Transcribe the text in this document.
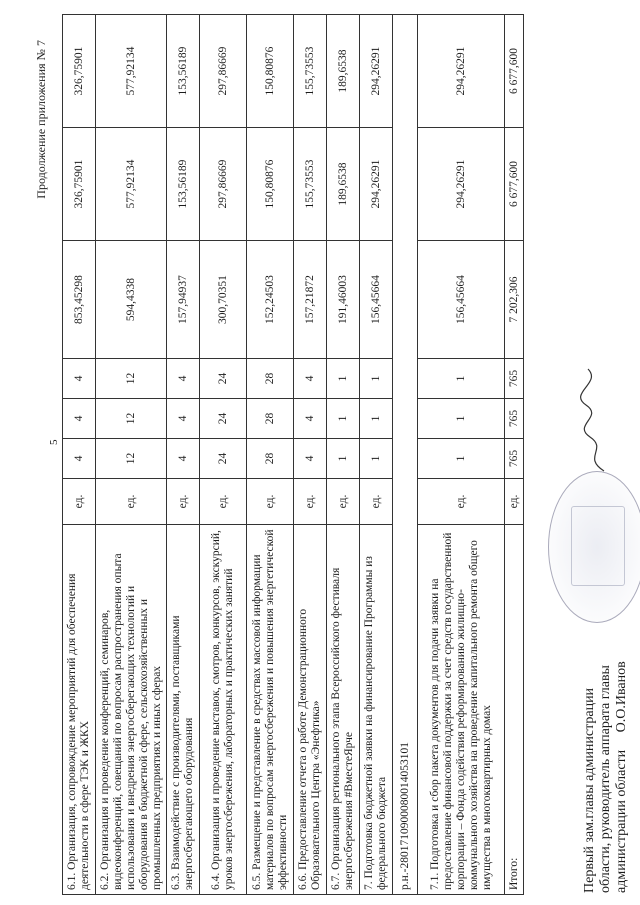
5
Продолжение приложения № 7
6.1. Организация, сопровождение мероприятий для обеспечения деятельности в сфере ТЭК и ЖКХ	ед.	4	4	4	853,45298	326,75901	326,75901
6.2. Организация и проведение конференций, семинаров, видеоконференций, совещаний по вопросам распространения опыта использования и внедрения энергосберегающих технологий и оборудования в бюджетной сфере, сельскохозяйственных и промышленных предприятиях и иных сферах	ед.	12	12	12	594,4338	577,92134	577,92134
6.3. Взаимодействие с производителями, поставщиками энергосберегающего оборудования	ед.	4	4	4	157,94937	153,56189	153,56189
6.4. Организация и проведение выставок, смотров, конкурсов, экскурсий, уроков энергосбережения, лабораторных и практических занятий	ед.	24	24	24	300,70351	297,86669	297,86669
6.5. Размещение и представление в средствах массовой информации материалов по вопросам энергосбережения и повышения энергетической эффективности	ед.	28	28	28	152,24503	150,80876	150,80876
6.6. Предоставление отчета о работе Демонстрационного Образовательного Центра «Энефтика»	ед.	4	4	4	157,21872	155,73553	155,73553
6.7. Организация регионального этапа Всероссийского фестиваля энергосбережения #ВместеЯрче	ед.	1	1	1	191,46003	189,6538	189,6538
7. Подготовка бюджетной заявки на финансирование Программы из федерального бюджета	ед.	1	1	1	156,45664	294,26291	294,26291
р.н.-2801710900080014053101							
7.1. Подготовка и сбор пакета документов для подачи заявки на предоставление финансовой поддержки за счет средств государственной корпорации – Фонда содействия реформированию жилищно-коммунального хозяйства на проведение капитального ремонта общего имущества в многоквартирных домах	ед.	1	1	1	156,45664	294,26291	294,26291
Итого:	ед.	765	765	765	7 202,306	6 677,600	6 677,600
Первый зам.главы администрации области, руководитель аппарата главы администрации области О.О.Иванов
